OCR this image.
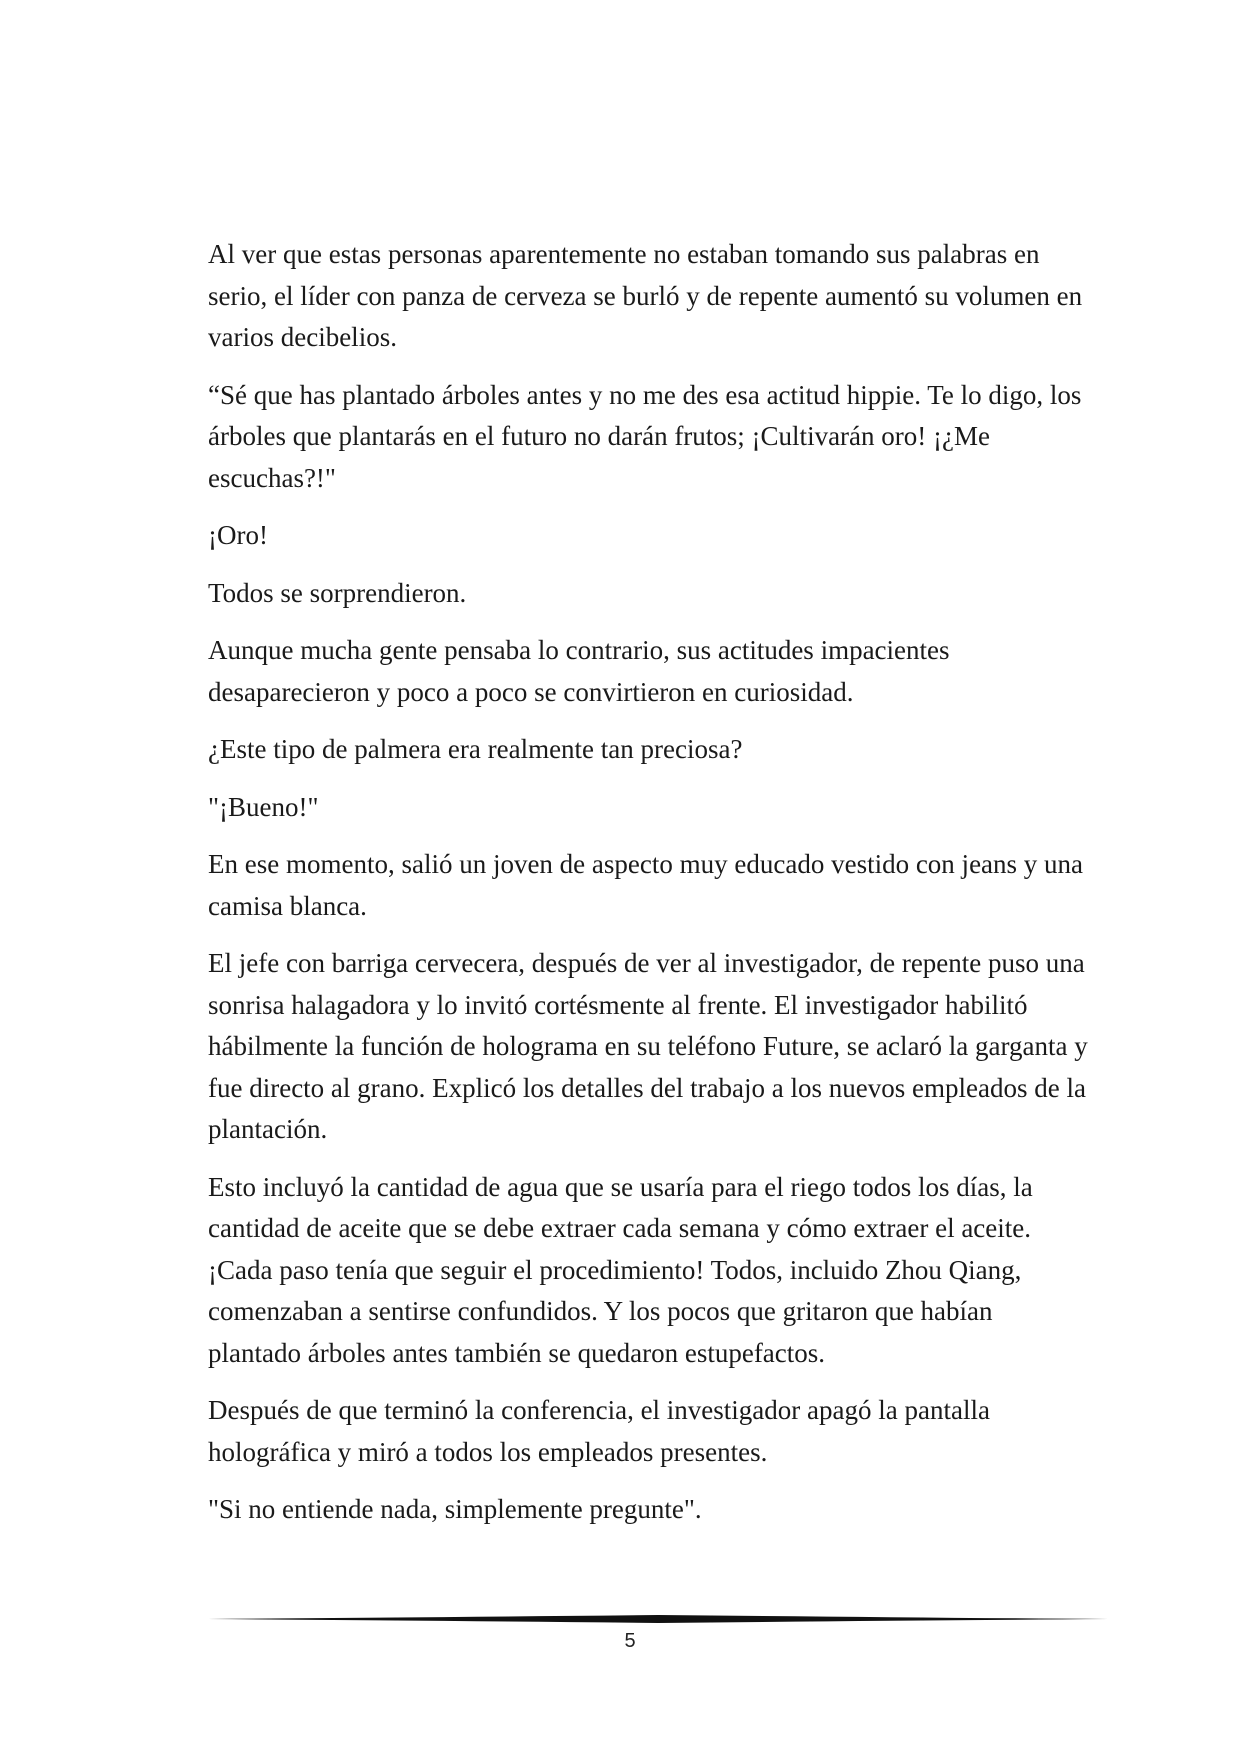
Al ver que estas personas aparentemente no estaban tomando sus palabras en serio, el líder con panza de cerveza se burló y de repente aumentó su volumen en varios decibelios.

“Sé que has plantado árboles antes y no me des esa actitud hippie. Te lo digo, los árboles que plantarás en el futuro no darán frutos; ¡Cultivarán oro! ¡¿Me escuchas?!"

¡Oro!

Todos se sorprendieron.

Aunque mucha gente pensaba lo contrario, sus actitudes impacientes desaparecieron y poco a poco se convirtieron en curiosidad.

¿Este tipo de palmera era realmente tan preciosa?

"¡Bueno!"

En ese momento, salió un joven de aspecto muy educado vestido con jeans y una camisa blanca.

El jefe con barriga cervecera, después de ver al investigador, de repente puso una sonrisa halagadora y lo invitó cortésmente al frente. El investigador habilitó hábilmente la función de holograma en su teléfono Future, se aclaró la garganta y fue directo al grano. Explicó los detalles del trabajo a los nuevos empleados de la plantación.

Esto incluyó la cantidad de agua que se usaría para el riego todos los días, la cantidad de aceite que se debe extraer cada semana y cómo extraer el aceite. ¡Cada paso tenía que seguir el procedimiento! Todos, incluido Zhou Qiang, comenzaban a sentirse confundidos. Y los pocos que gritaron que habían plantado árboles antes también se quedaron estupefactos.

Después de que terminó la conferencia, el investigador apagó la pantalla holográfica y miró a todos los empleados presentes.

"Si no entiende nada, simplemente pregunte".

5
